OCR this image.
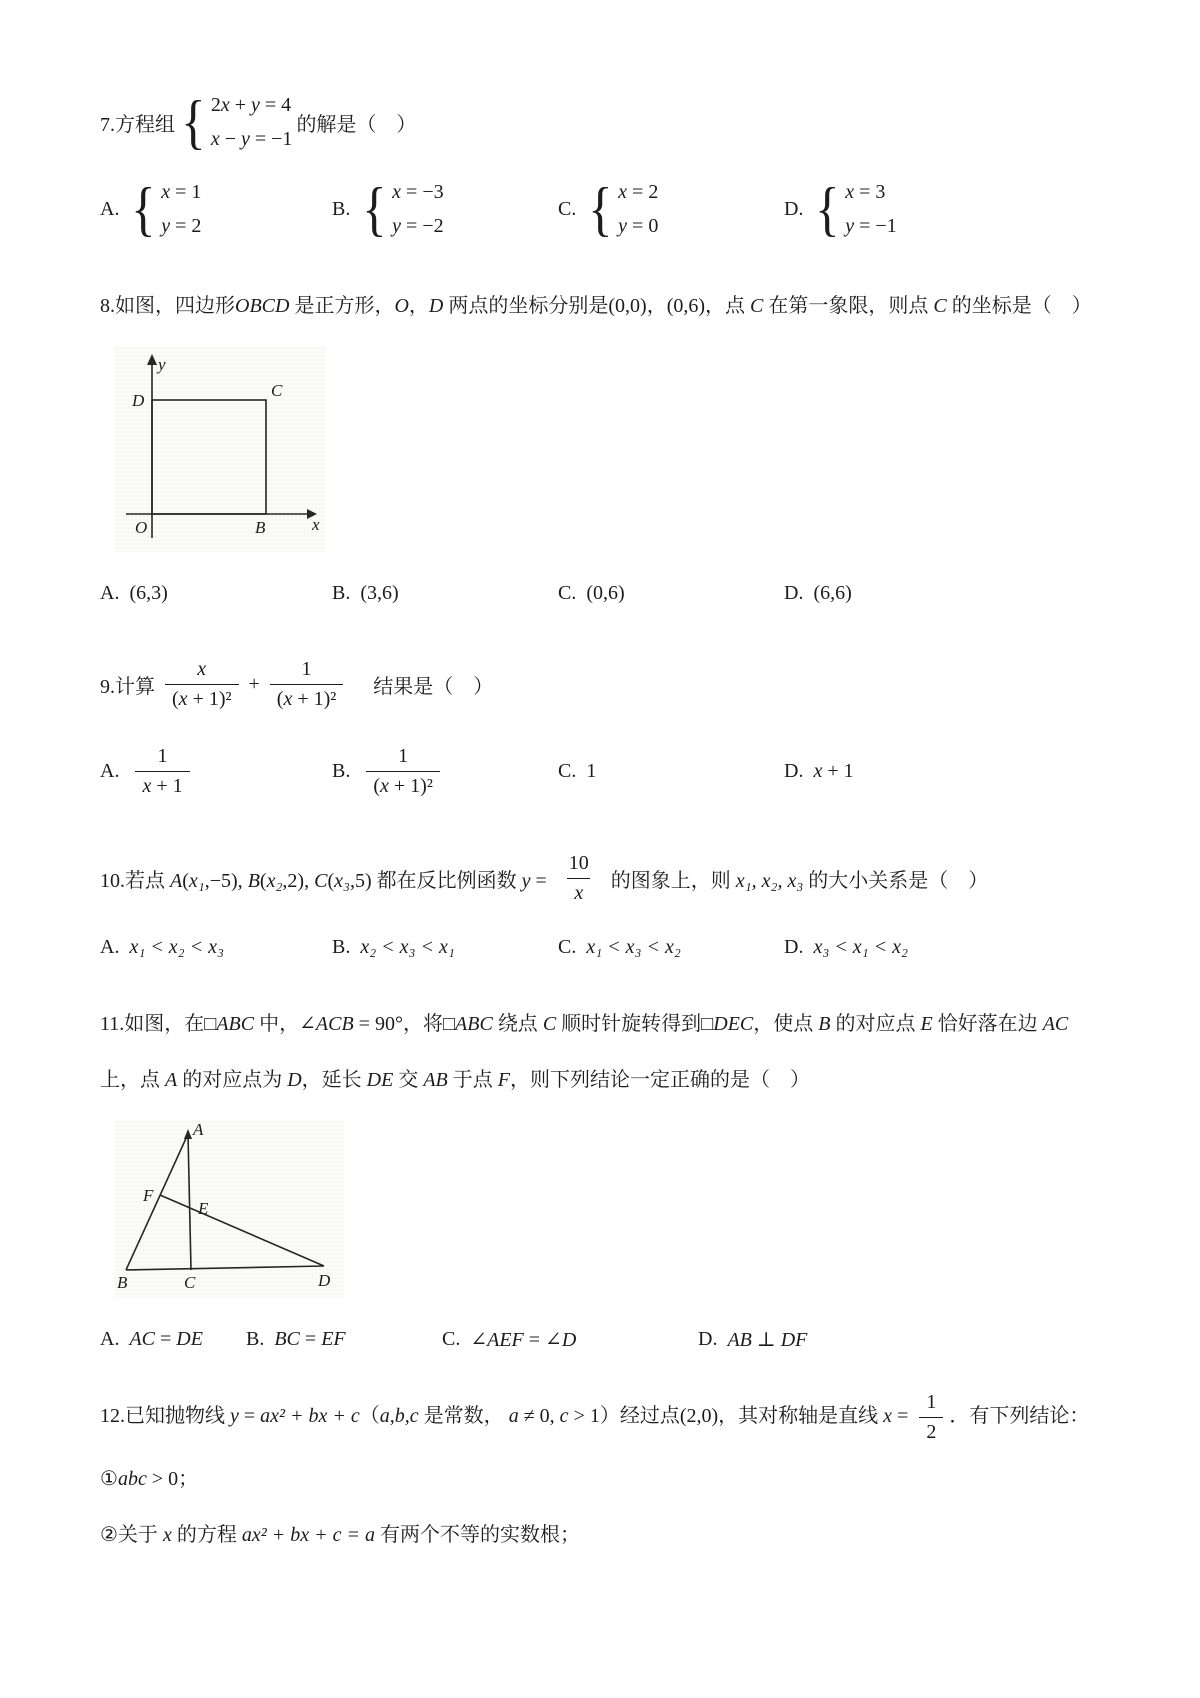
7.方程组 { 2x + y = 4
x − y = −1
的解是（　）
A. { x = 1
y = 2
B. { x = −3
y = −2
C. { x = 2
y = 0
D. { x = 3
y = −1

8.如图，四边形OBCD 是正方形，O，D 两点的坐标分别是(0,0)，(0,6)，点 C 在第一象限，则点 C 的坐标是（　）

y
x
D
C
O	B
A. (6,3)	B. (3,6)	C. (0,6)	D. (6,6)
9.计算 $\frac{x}{\text{(x + 1)²}} + \frac{1}{\text{(x + 1)²}}$ 　结果是（　）
A. $\frac{1}{x + 1}$	B. $\frac{1}{\text{(x + 1)²}}$	C. 1	D. x + 1
10.若点 A(x₁,−5), B(x₂,2), C(x₃,5) 都在反比例函数 $y = \frac{10}{x}$ 的图象上，则 x₁, x₂, x₃ 的大小关系是（　）
A. x₁ < x₂ < x₃	B. x₂ < x₃ < x₁	C. x₁ < x₃ < x₂	D. x₃ < x₁ < x₂

11.如图，在□ABC 中，∠ACB = 90°，将□ABC 绕点 C 顺时针旋转得到□DEC，使点 B 的对应点 E 恰好落在边 AC 上，点 A 的对应点为 D，延长 DE 交 AB 于点 F，则下列结论一定正确的是（　）

A
F
E
B	C	D
A. AC = DE B. BC = EF	C. ∠AEF = ∠D	D. AB ⊥ DF

12.已知抛物线 y = ax² + bx + c（a,b,c 是常数， a ≠ 0, c > 1）经过点(2,0)，其对称轴是直线 $x = \frac{1}{2}$ ．有下列结论：

①abc > 0；

②关于 x 的方程 ax² + bx + c = a 有两个不等的实数根；
